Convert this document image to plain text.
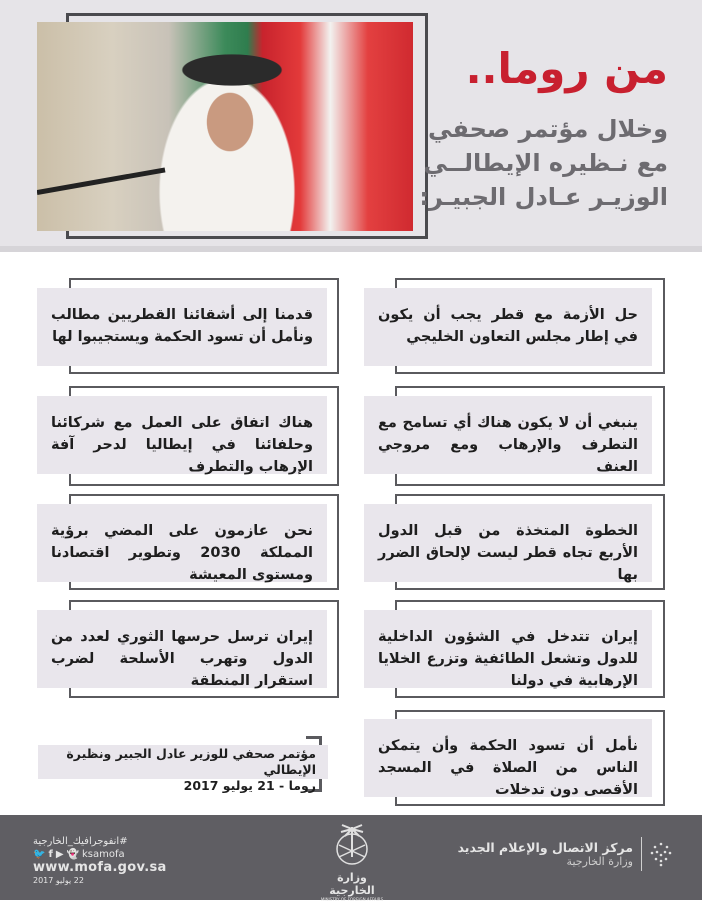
من روما..
وخلال مؤتمر صحفي
مع نـظيره الإيطالــي
الوزيـر عـادل الجبيـر:
حل الأزمة مع قطر يجب أن يكون في إطار مجلس التعاون الخليجي
ينبغي أن لا يكون هناك أي تسامح مع التطرف والإرهاب ومع مروجي العنف
الخطوة المتخذة من قبل الدول الأربع تجاه قطر ليست لإلحاق الضرر بها
إيران تتدخل في الشؤون الداخلية للدول وتشعل الطائفية وتزرع الخلايا الإرهابية في دولنا
نأمل أن تسود الحكمة وأن يتمكن الناس من الصلاة في المسجد الأقصى دون تدخلات
قدمنا إلى أشقائنا القطريين مطالب ونأمل أن تسود الحكمة ويستجيبوا لها
هناك اتفاق على العمل مع شركائنا وحلفائنا في إيطاليا لدحر آفة الإرهاب والتطرف
نحن عازمون على المضي برؤية المملكة 2030 وتطوير اقتصادنا ومستوى المعيشة
إيران ترسل حرسها الثوري لعدد من الدول وتهرب الأسلحة لضرب استقرار المنطقة
مؤتمر صحفي للوزير عادل الجبير ونظيرة الإيطالي
روما - 21 يوليو 2017
#انفوجرافيك_الخارجية
🐦 f ▶ 👻 ksamofa
www.mofa.gov.sa
22 يوليو 2017	وزارة الخارجية
MINISTRY OF FOREIGN AFFAIRS
مركز الاتصال والإعلام الجديد
وزارة الخارجية
